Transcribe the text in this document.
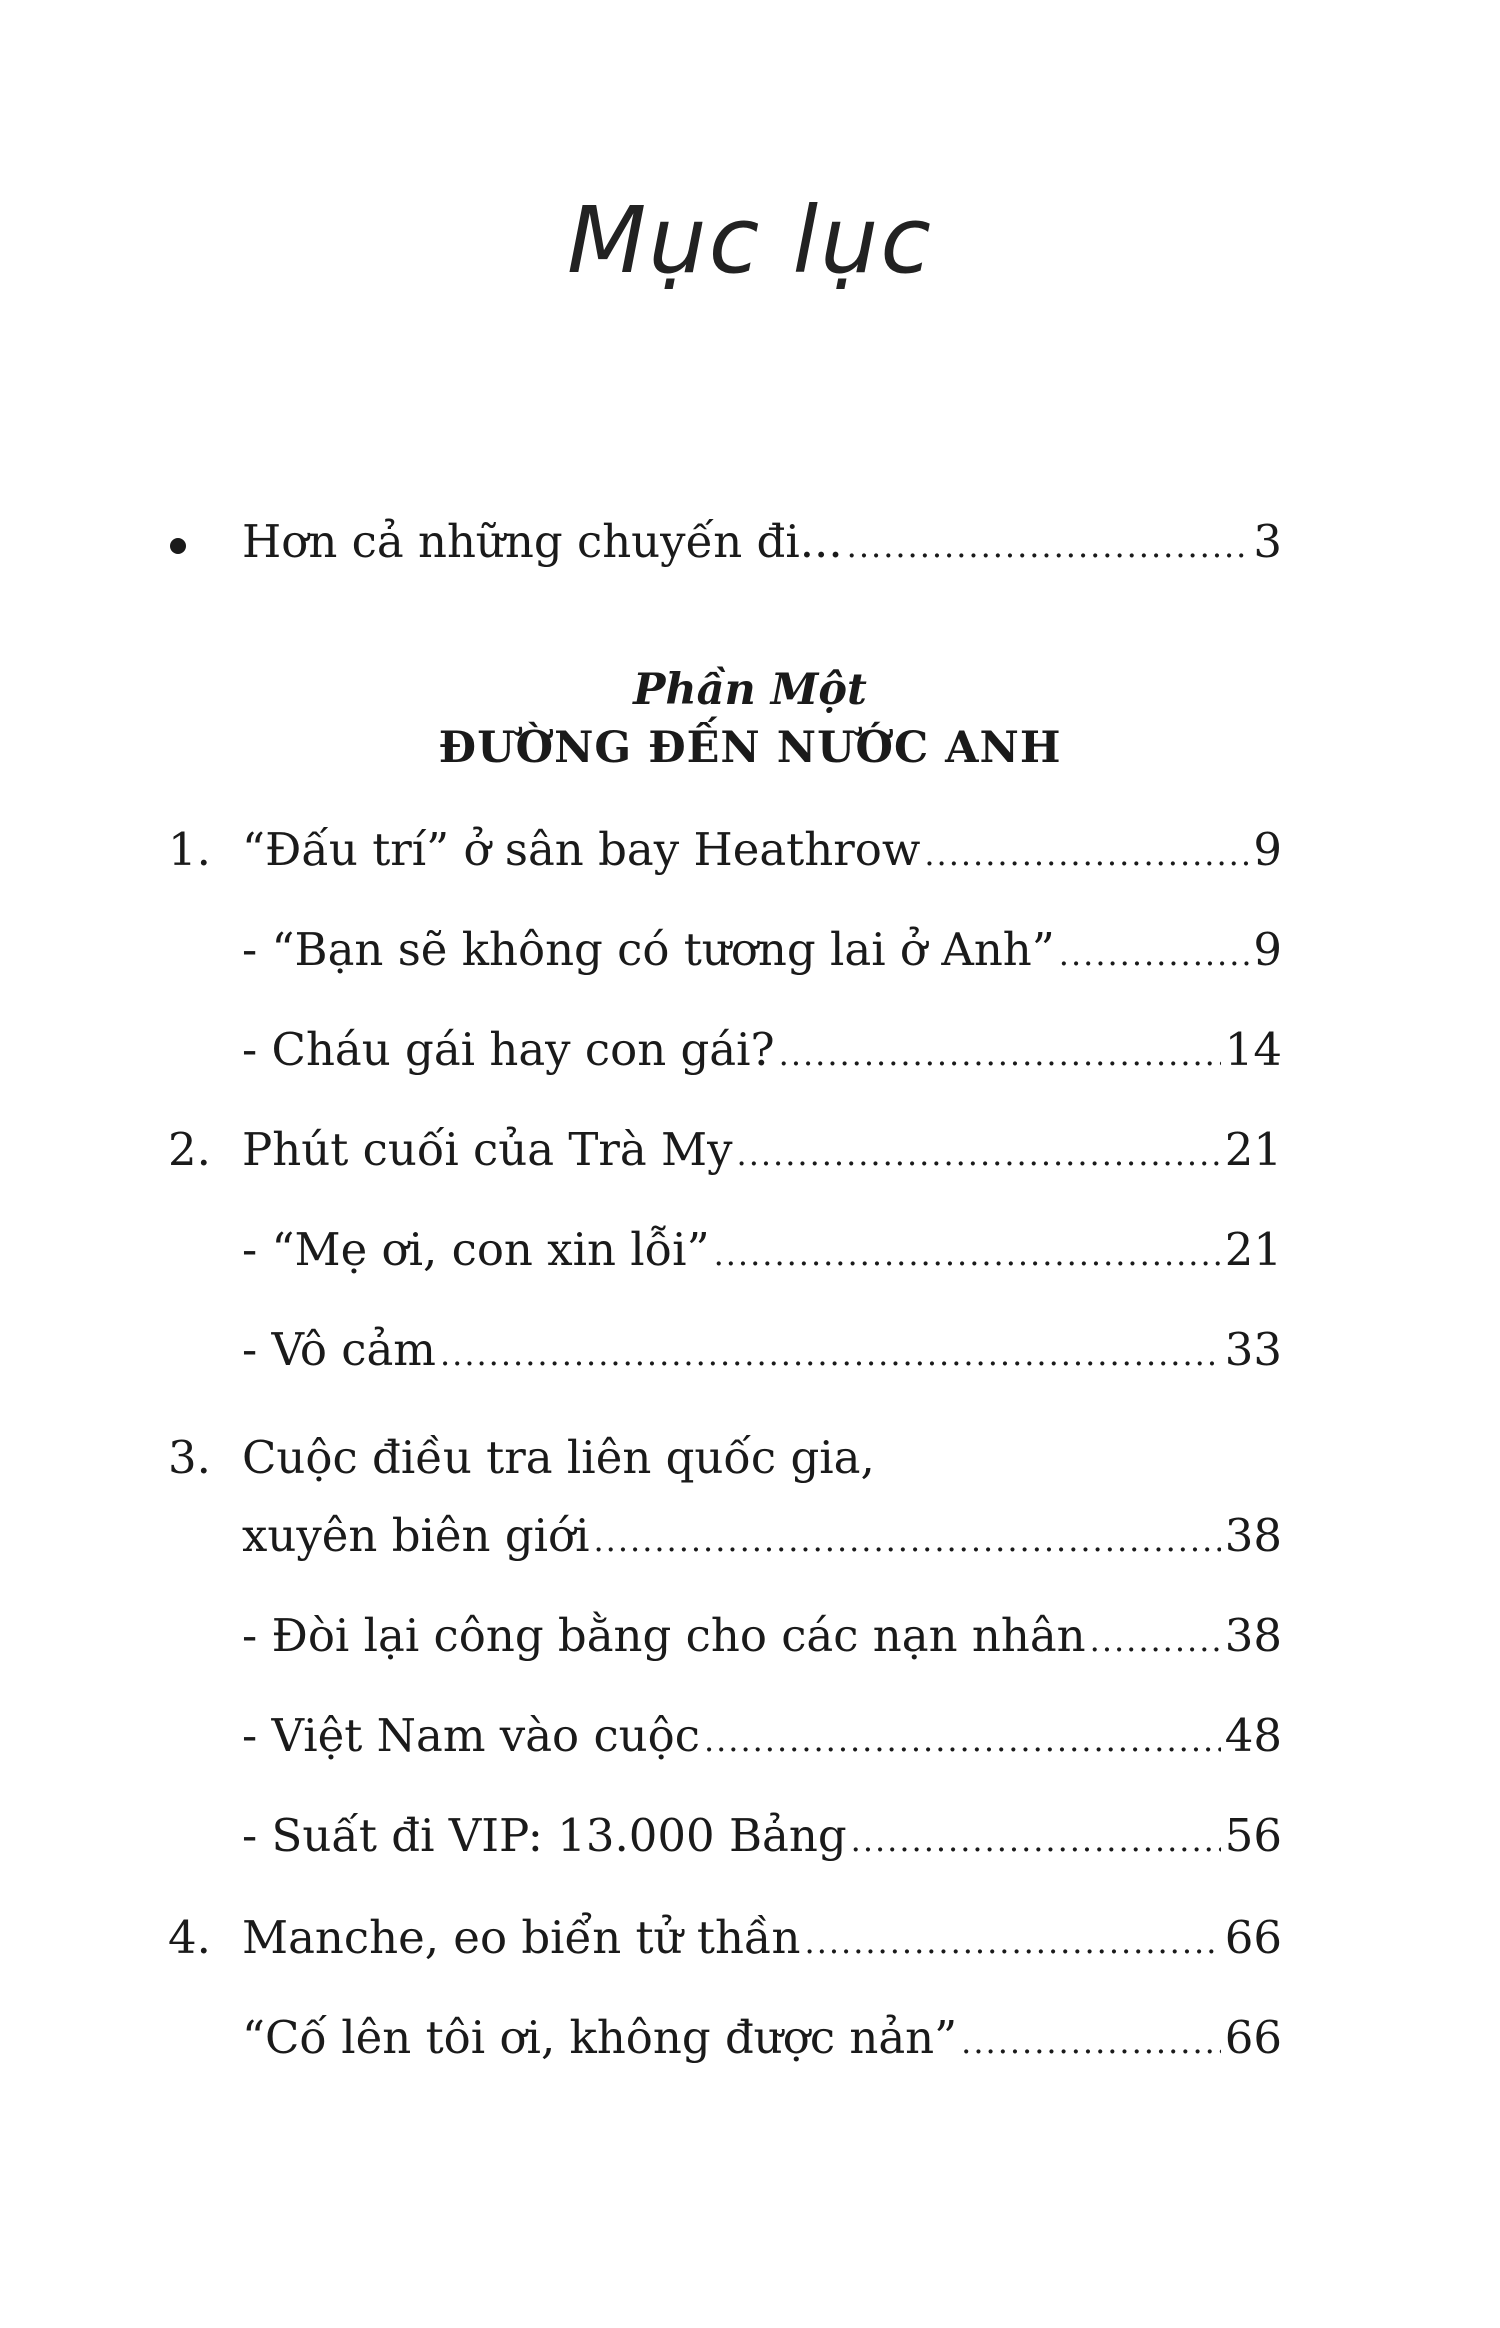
Mục lục
Hơn cả những chuyến đi... .....	3
Phần Một
ĐƯỜNG ĐẾN NƯỚC ANH
1. “Đấu trí” ở sân bay Heathrow .....	9
- “Bạn sẽ không có tương lai ở Anh” .....	9
- Cháu gái hay con gái? .....	14
2. Phút cuối của Trà My .....	21
- “Mẹ ơi, con xin lỗi” .....	21
- Vô cảm .....	33
3. Cuộc điều tra liên quốc gia,
xuyên biên giới .....	38
- Đòi lại công bằng cho các nạn nhân .....	38
- Việt Nam vào cuộc .....	48
- Suất đi VIP: 13.000 Bảng .....	56
4. Manche, eo biển tử thần .....	66
“Cố lên tôi ơi, không được nản” .....	66
